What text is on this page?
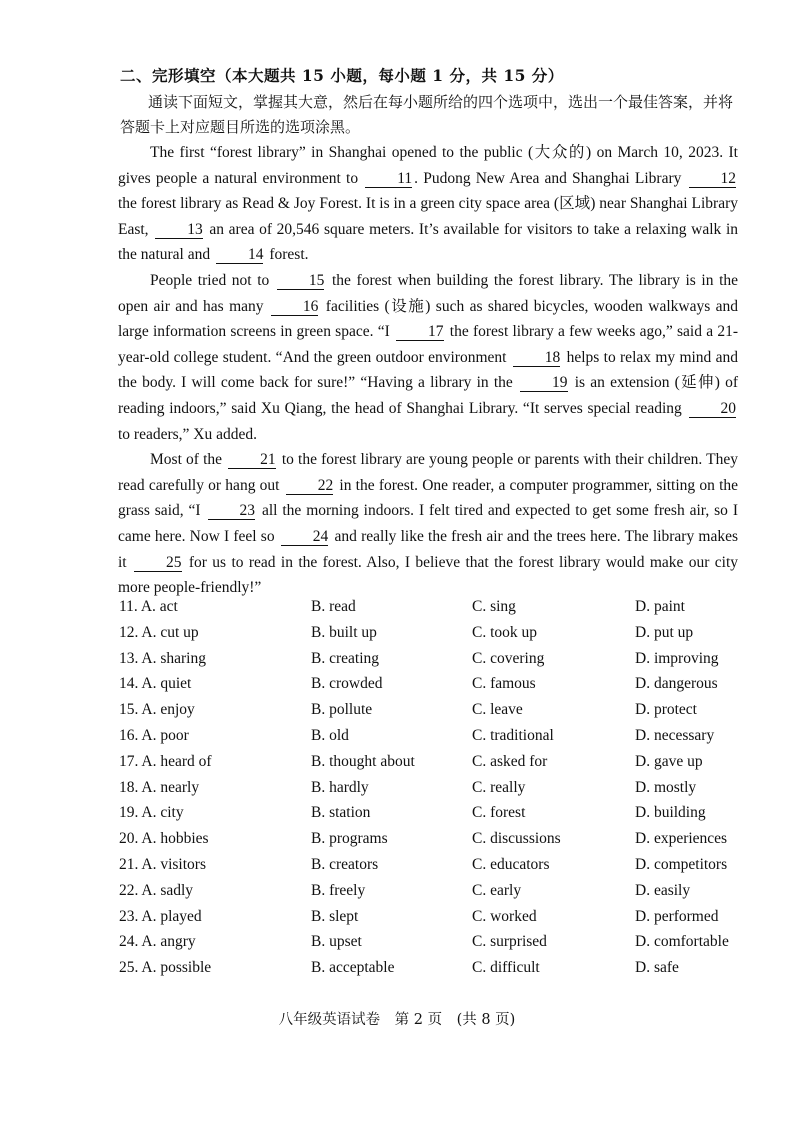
二、完形填空（本大题共 15 小题，每小题 1 分，共 15 分）
通读下面短文，掌握其大意，然后在每小题所给的四个选项中，选出一个最佳答案，并将答题卡上对应题目所选的选项涂黑。

The first “forest library” in Shanghai opened to the public (大众的) on March 10, 2023. It gives people a natural environment to	11 . Pudong New Area and Shanghai Library	12 the forest library as Read & Joy Forest. It is in a green city space area (区域) near Shanghai Library East, 13 an area of 20,546 square meters. It’s available for visitors to take a relaxing walk in the natural and 14 forest.

People tried not to	15 the forest when building the forest library. The library is in the open air and has many	16 facilities (设施) such as shared bicycles, wooden walkways and large information screens in green space. “I 17 the forest library a few weeks ago,” said a 21-year-old college student. “And the green outdoor environment 18 helps to relax my mind and the body. I will come back for sure!” “Having a library in the	19 is an extension (延伸) of reading indoors,” said Xu Qiang, the head of Shanghai Library. “It serves special reading	20 to readers,” Xu added.

Most of the 21 to the forest library are young people or parents with their children. They read carefully or hang out 22 in the forest. One reader, a computer programmer, sitting on the grass said, “I	23 all the morning indoors. I felt tired and expected to get some fresh air, so I came here. Now I feel so 24 and really like the fresh air and the trees here. The library makes it	25 for us to read in the forest. Also, I believe that the forest library would make our city more people-friendly!”

11. A. act	B. read	C. sing	D. paint
12. A. cut up	B. built up	C. took up	D. put up
13. A. sharing	B. creating	C. covering	D. improving
14. A. quiet	B. crowded	C. famous	D. dangerous
15. A. enjoy	B. pollute	C. leave	D. protect
16. A. poor	B. old	C. traditional	D. necessary
17. A. heard of	B. thought about	C. asked for	D. gave up
18. A. nearly	B. hardly	C. really	D. mostly
19. A. city	B. station	C. forest	D. building
20. A. hobbies	B. programs	C. discussions	D. experiences
21. A. visitors	B. creators	C. educators	D. competitors
22. A. sadly	B. freely	C. early	D. easily
23. A. played	B. slept	C. worked	D. performed
24. A. angry	B. upset	C. surprised	D. comfortable
25. A. possible	B. acceptable	C. difficult	D. safe
八年级英语试卷　第 2 页　(共 8 页)
